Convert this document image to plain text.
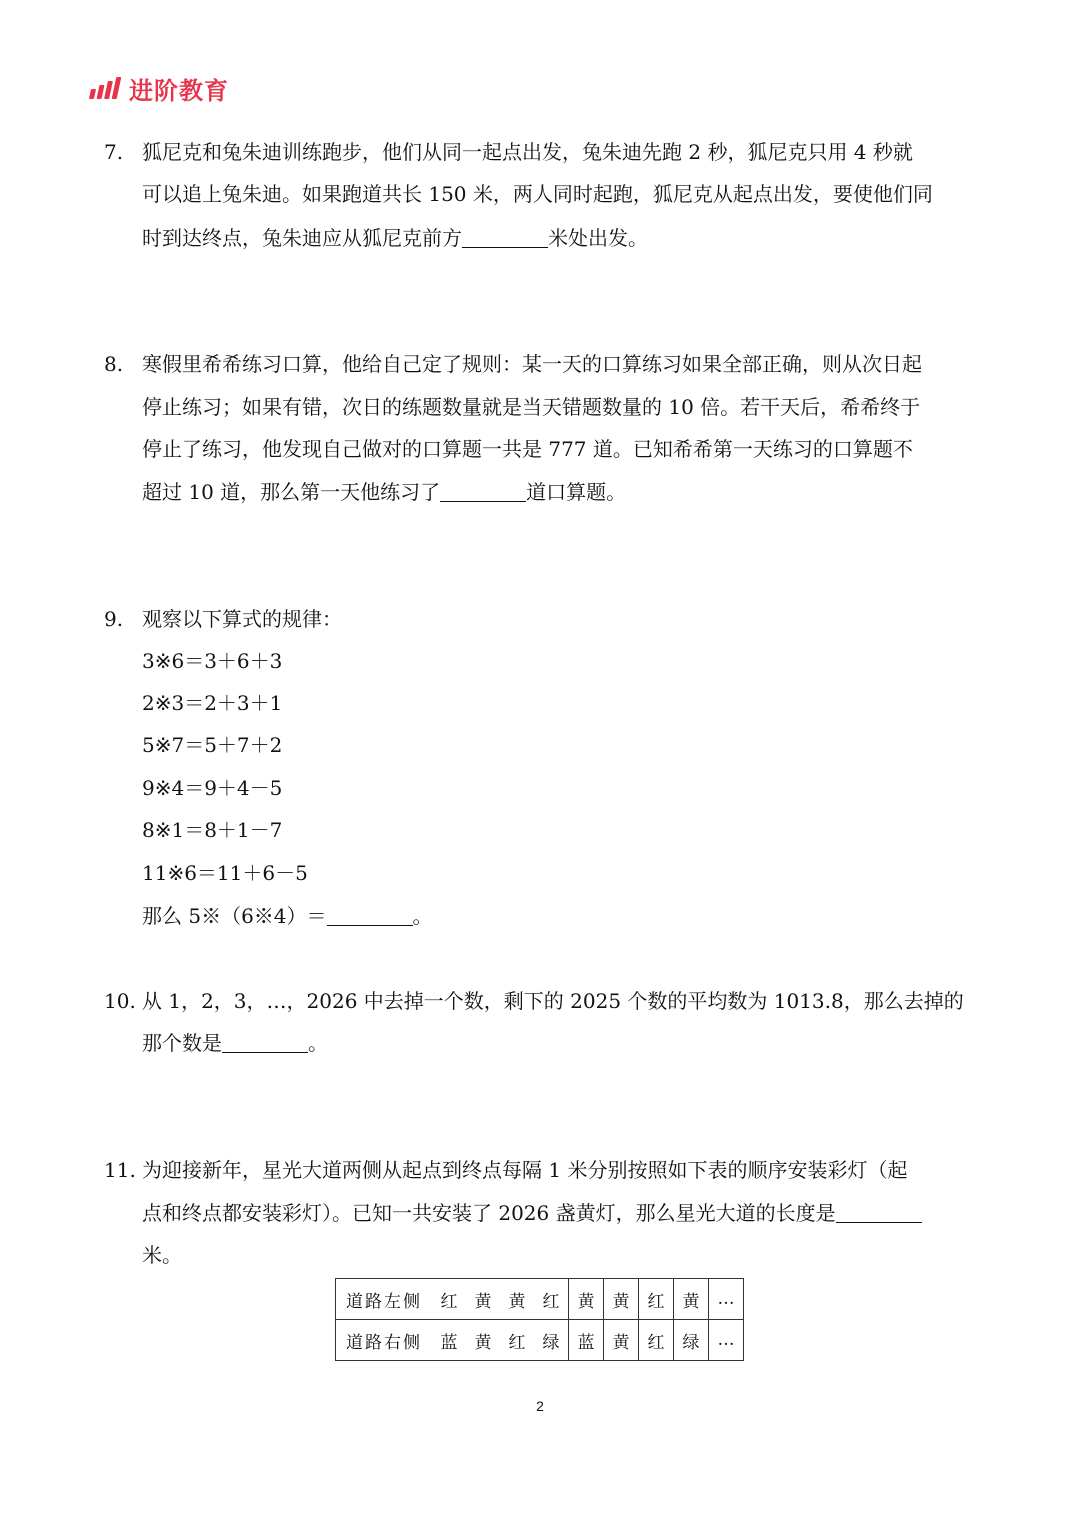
进阶教育
7. 狐尼克和兔朱迪训练跑步，他们从同一起点出发，兔朱迪先跑 2 秒，狐尼克只用 4 秒就
可以追上兔朱迪。如果跑道共长 150 米，两人同时起跑，狐尼克从起点出发，要使他们同
时到达终点，兔朱迪应从狐尼克前方	米处出发。
8. 寒假里希希练习口算，他给自己定了规则：某一天的口算练习如果全部正确，则从次日起
停止练习；如果有错，次日的练题数量就是当天错题数量的 10 倍。若干天后，希希终于
停止了练习，他发现自己做对的口算题一共是 777 道。已知希希第一天练习的口算题不
超过 10 道，那么第一天他练习了	道口算题。
9. 观察以下算式的规律：
3※6＝3＋6＋3
2※3＝2＋3＋1
5※7＝5＋7＋2
9※4＝9＋4－5
8※1＝8＋1－7
11※6＝11＋6－5
那么 5※（6※4）＝	。
10. 从 1，2，3，…，2026 中去掉一个数，剩下的 2025 个数的平均数为 1013.8，那么去掉的
那个数是	。
11. 为迎接新年，星光大道两侧从起点到终点每隔 1 米分别按照如下表的顺序安装彩灯（起
点和终点都安装彩灯）。已知一共安装了 2026 盏黄灯，那么星光大道的长度是
米。
道路左侧	红	黄	黄	红	黄	黄	红	黄	…
道路右侧	蓝	黄	红	绿	蓝	黄	红	绿	…
2
